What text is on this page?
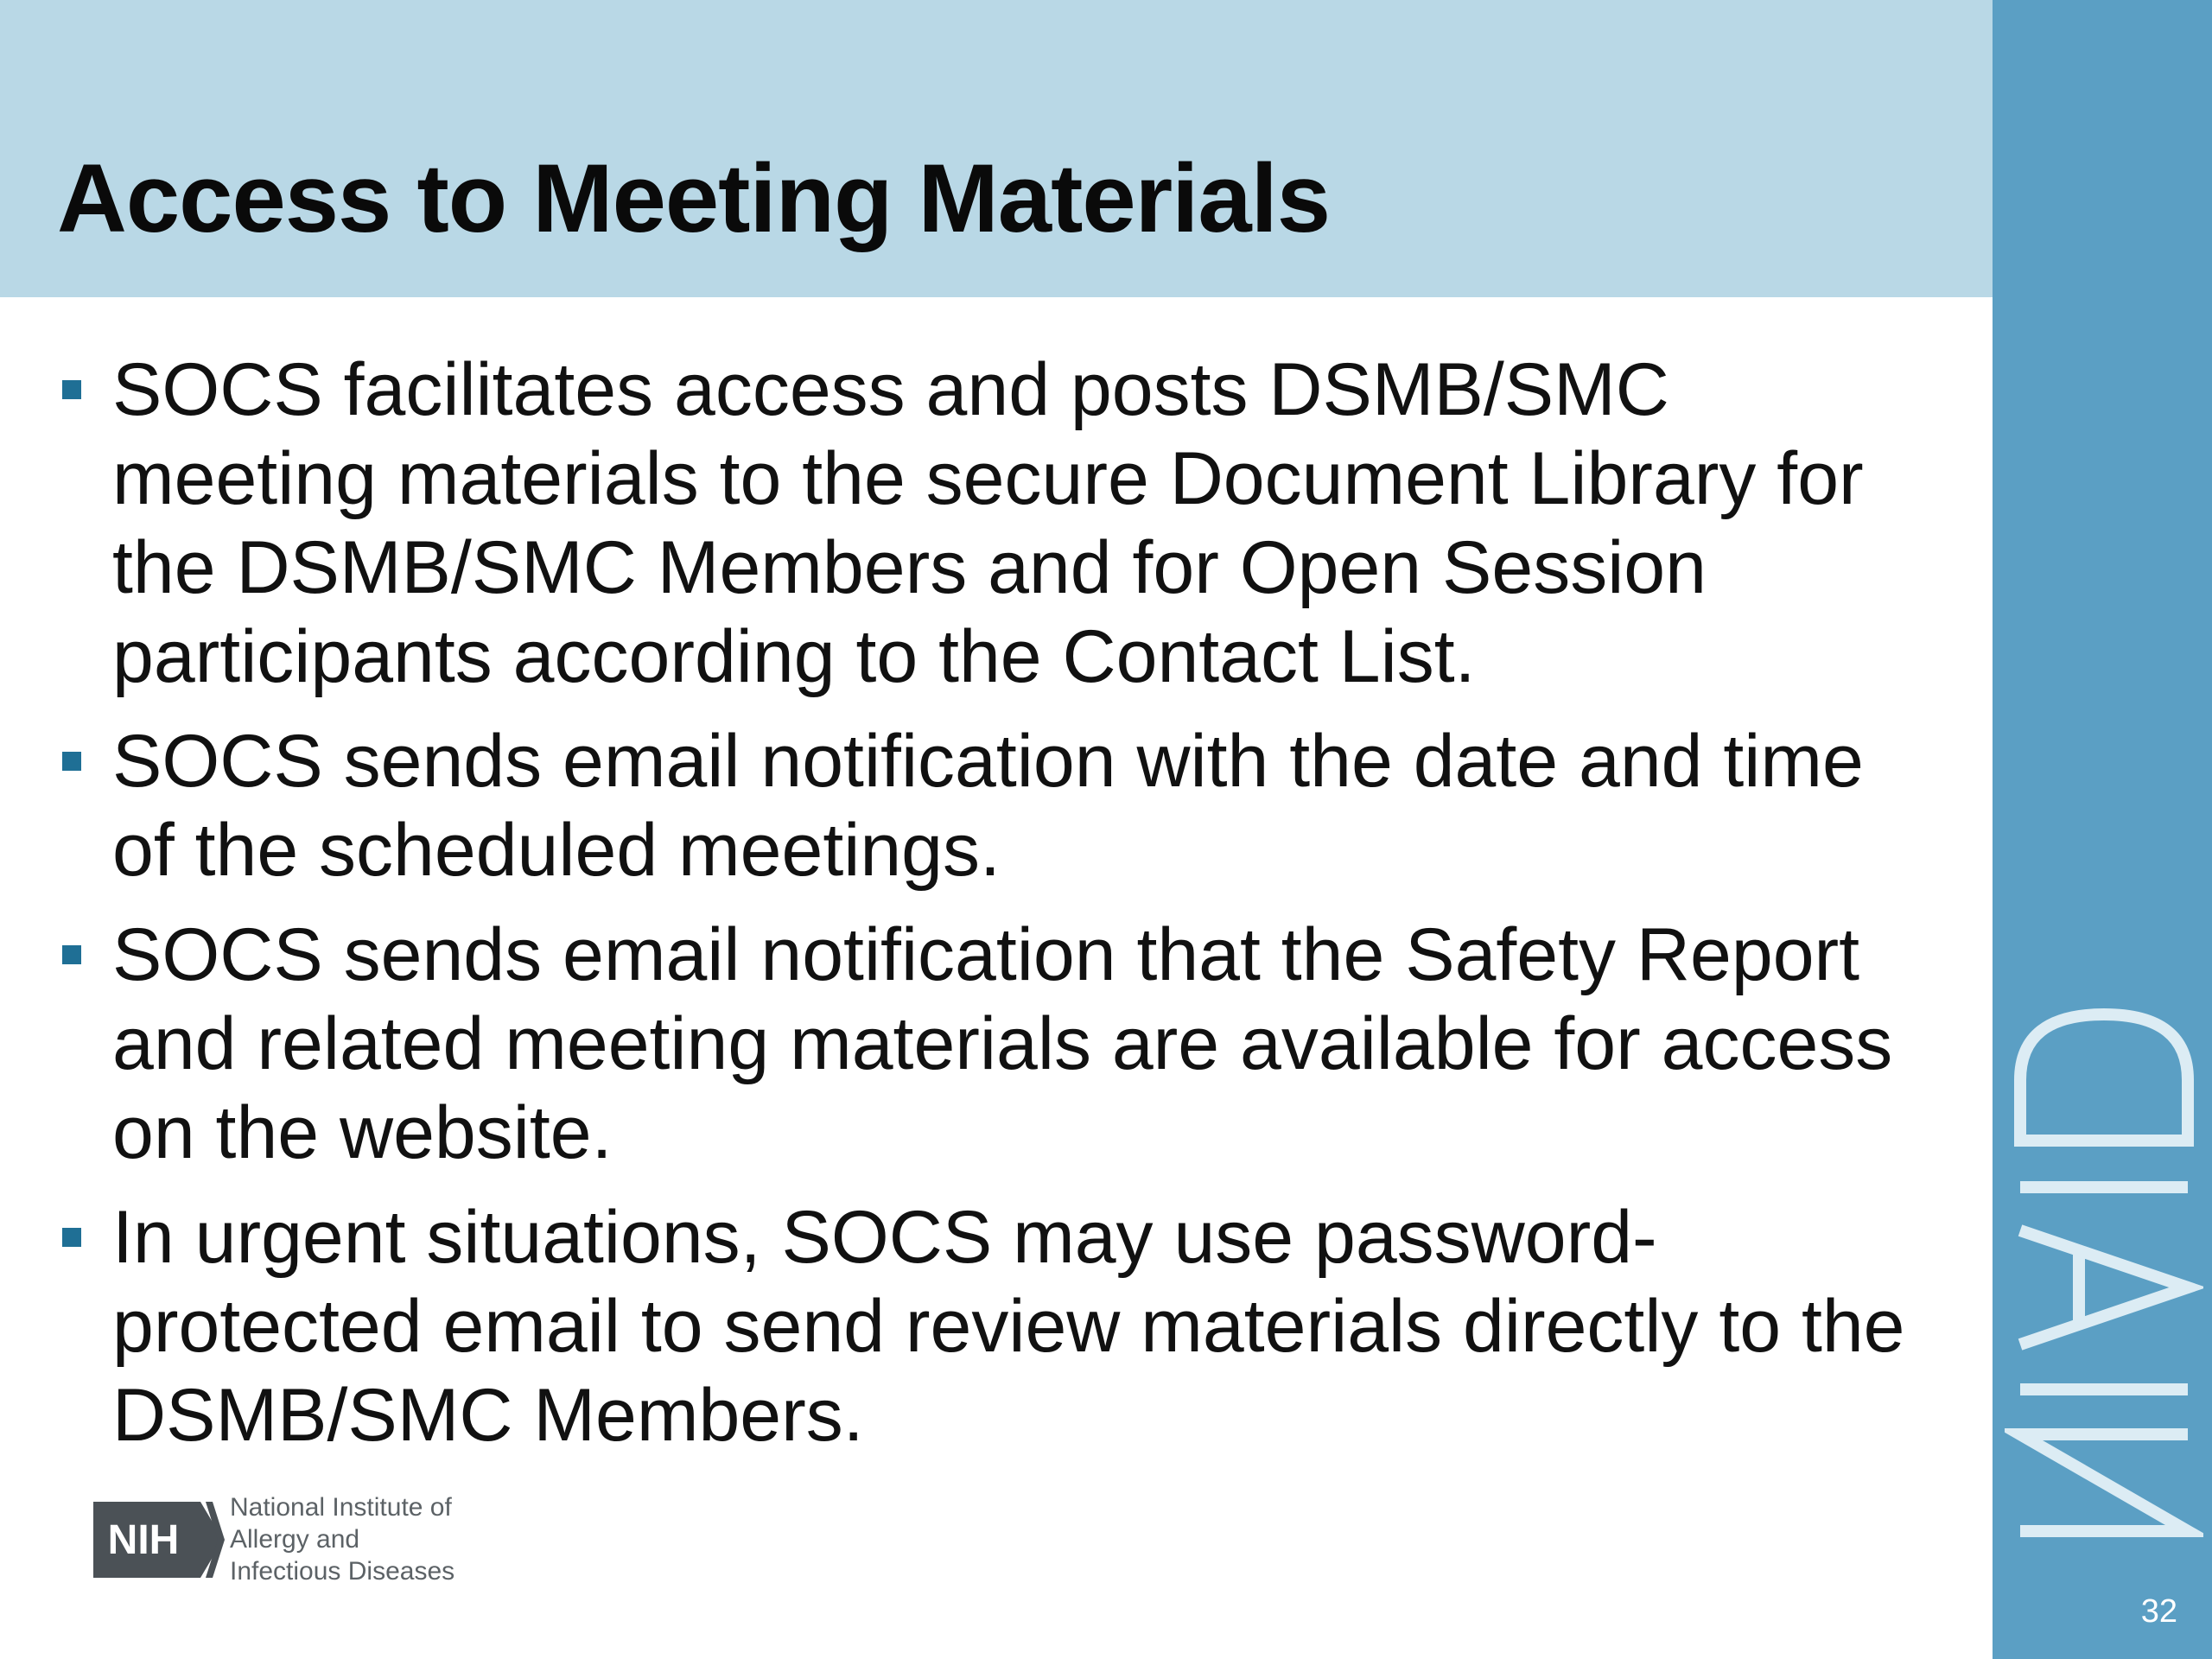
Access to Meeting Materials
32
SOCS facilitates access and posts DSMB/SMC meeting materials to the secure Document Library for the DSMB/SMC Members and for Open Session participants according to the Contact List.
SOCS sends email notification with the date and time of the scheduled meetings.
SOCS sends email notification that the Safety Report and related meeting materials are available for access on the website.
In urgent situations, SOCS may use password-protected email to send review materials directly to the DSMB/SMC Members.
NIH
National Institute of
Allergy and
Infectious Diseases
